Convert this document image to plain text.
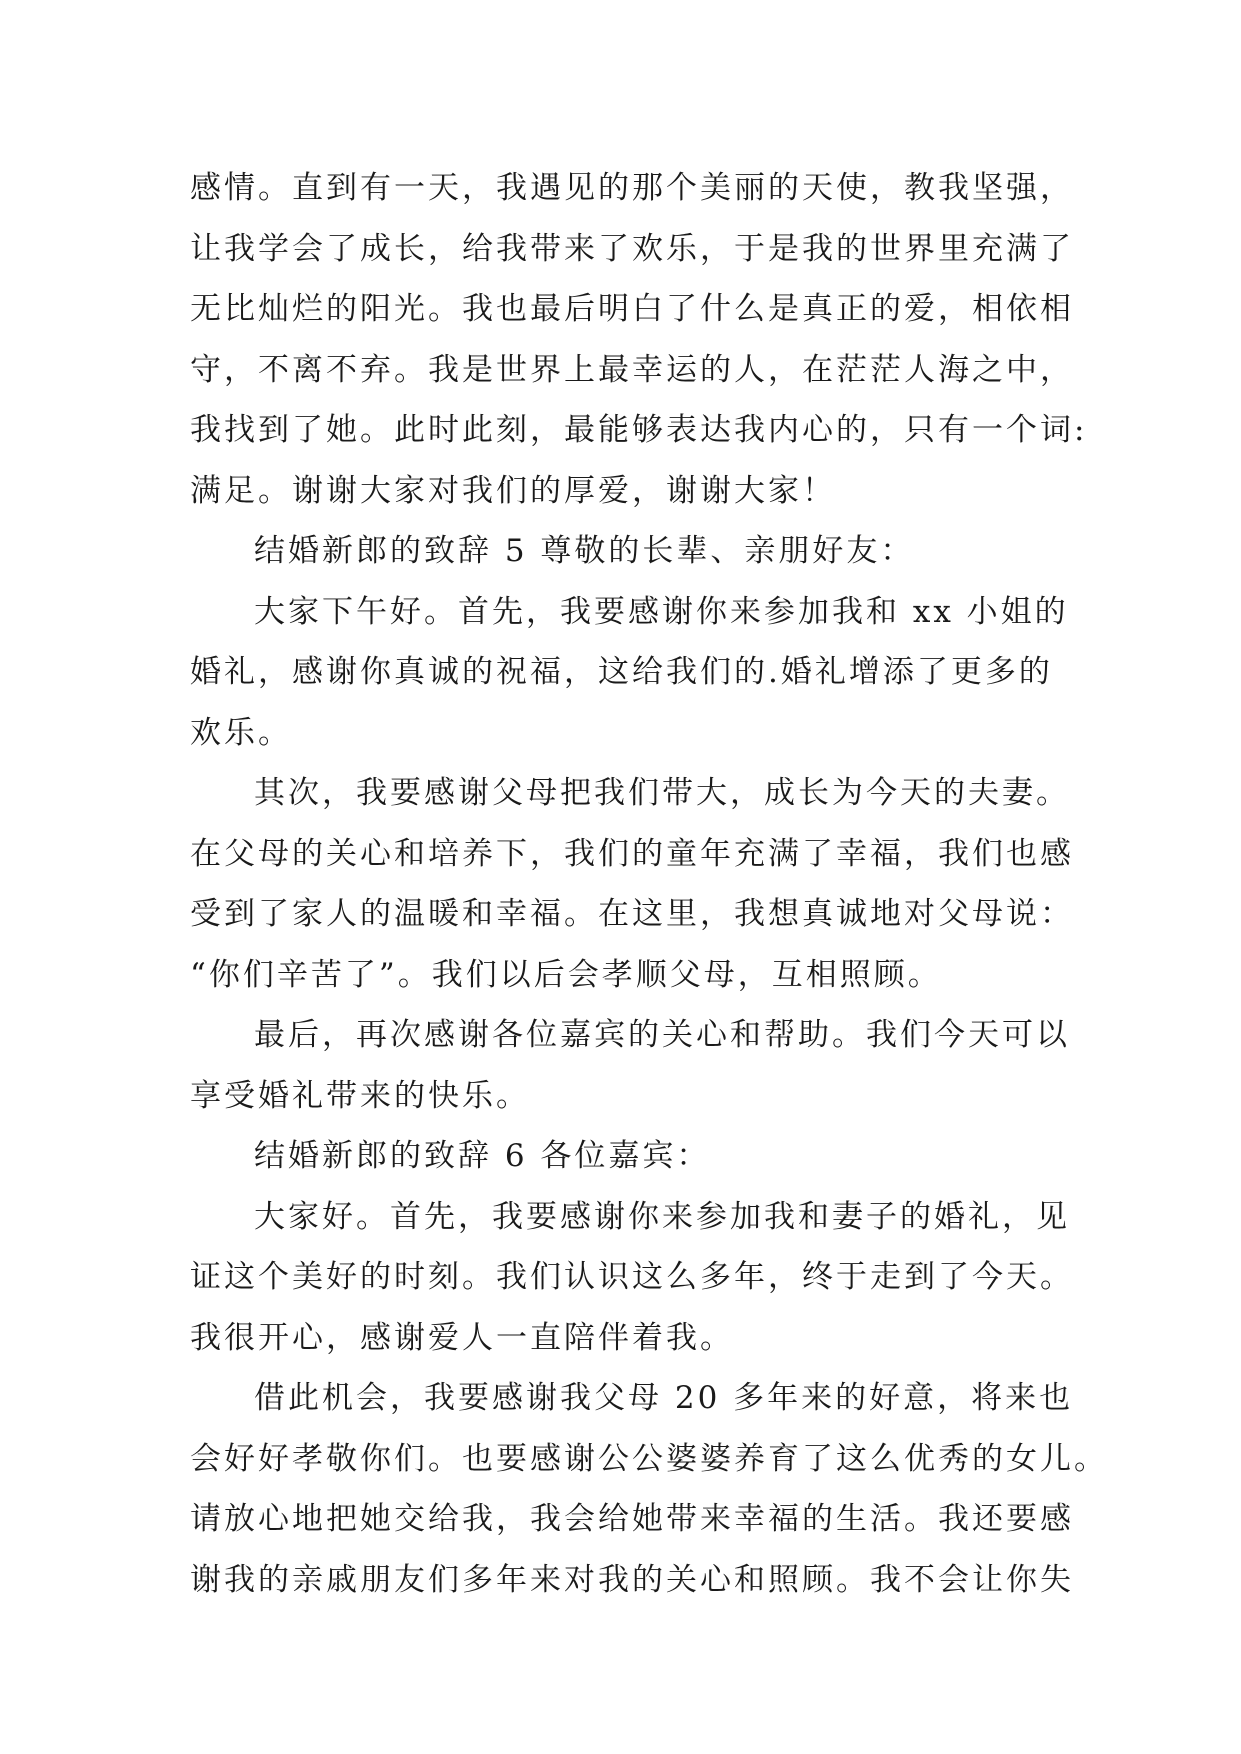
感情。直到有一天，我遇见的那个美丽的天使，教我坚强，
让我学会了成长，给我带来了欢乐，于是我的世界里充满了
无比灿烂的阳光。我也最后明白了什么是真正的爱，相依相
守，不离不弃。我是世界上最幸运的人，在茫茫人海之中，
我找到了她。此时此刻，最能够表达我内心的，只有一个词:
满足。谢谢大家对我们的厚爱，谢谢大家！
结婚新郎的致辞 5 尊敬的长辈、亲朋好友：
大家下午好。首先，我要感谢你来参加我和 xx 小姐的
婚礼，感谢你真诚的祝福，这给我们的.婚礼增添了更多的
欢乐。
其次，我要感谢父母把我们带大，成长为今天的夫妻。
在父母的关心和培养下，我们的童年充满了幸福，我们也感
受到了家人的温暖和幸福。在这里，我想真诚地对父母说：
“你们辛苦了”。我们以后会孝顺父母，互相照顾。
最后，再次感谢各位嘉宾的关心和帮助。我们今天可以
享受婚礼带来的快乐。
结婚新郎的致辞 6 各位嘉宾：
大家好。首先，我要感谢你来参加我和妻子的婚礼，见
证这个美好的时刻。我们认识这么多年，终于走到了今天。
我很开心，感谢爱人一直陪伴着我。
借此机会，我要感谢我父母 20 多年来的好意，将来也
会好好孝敬你们。也要感谢公公婆婆养育了这么优秀的女儿。
请放心地把她交给我，我会给她带来幸福的生活。我还要感
谢我的亲戚朋友们多年来对我的关心和照顾。我不会让你失
